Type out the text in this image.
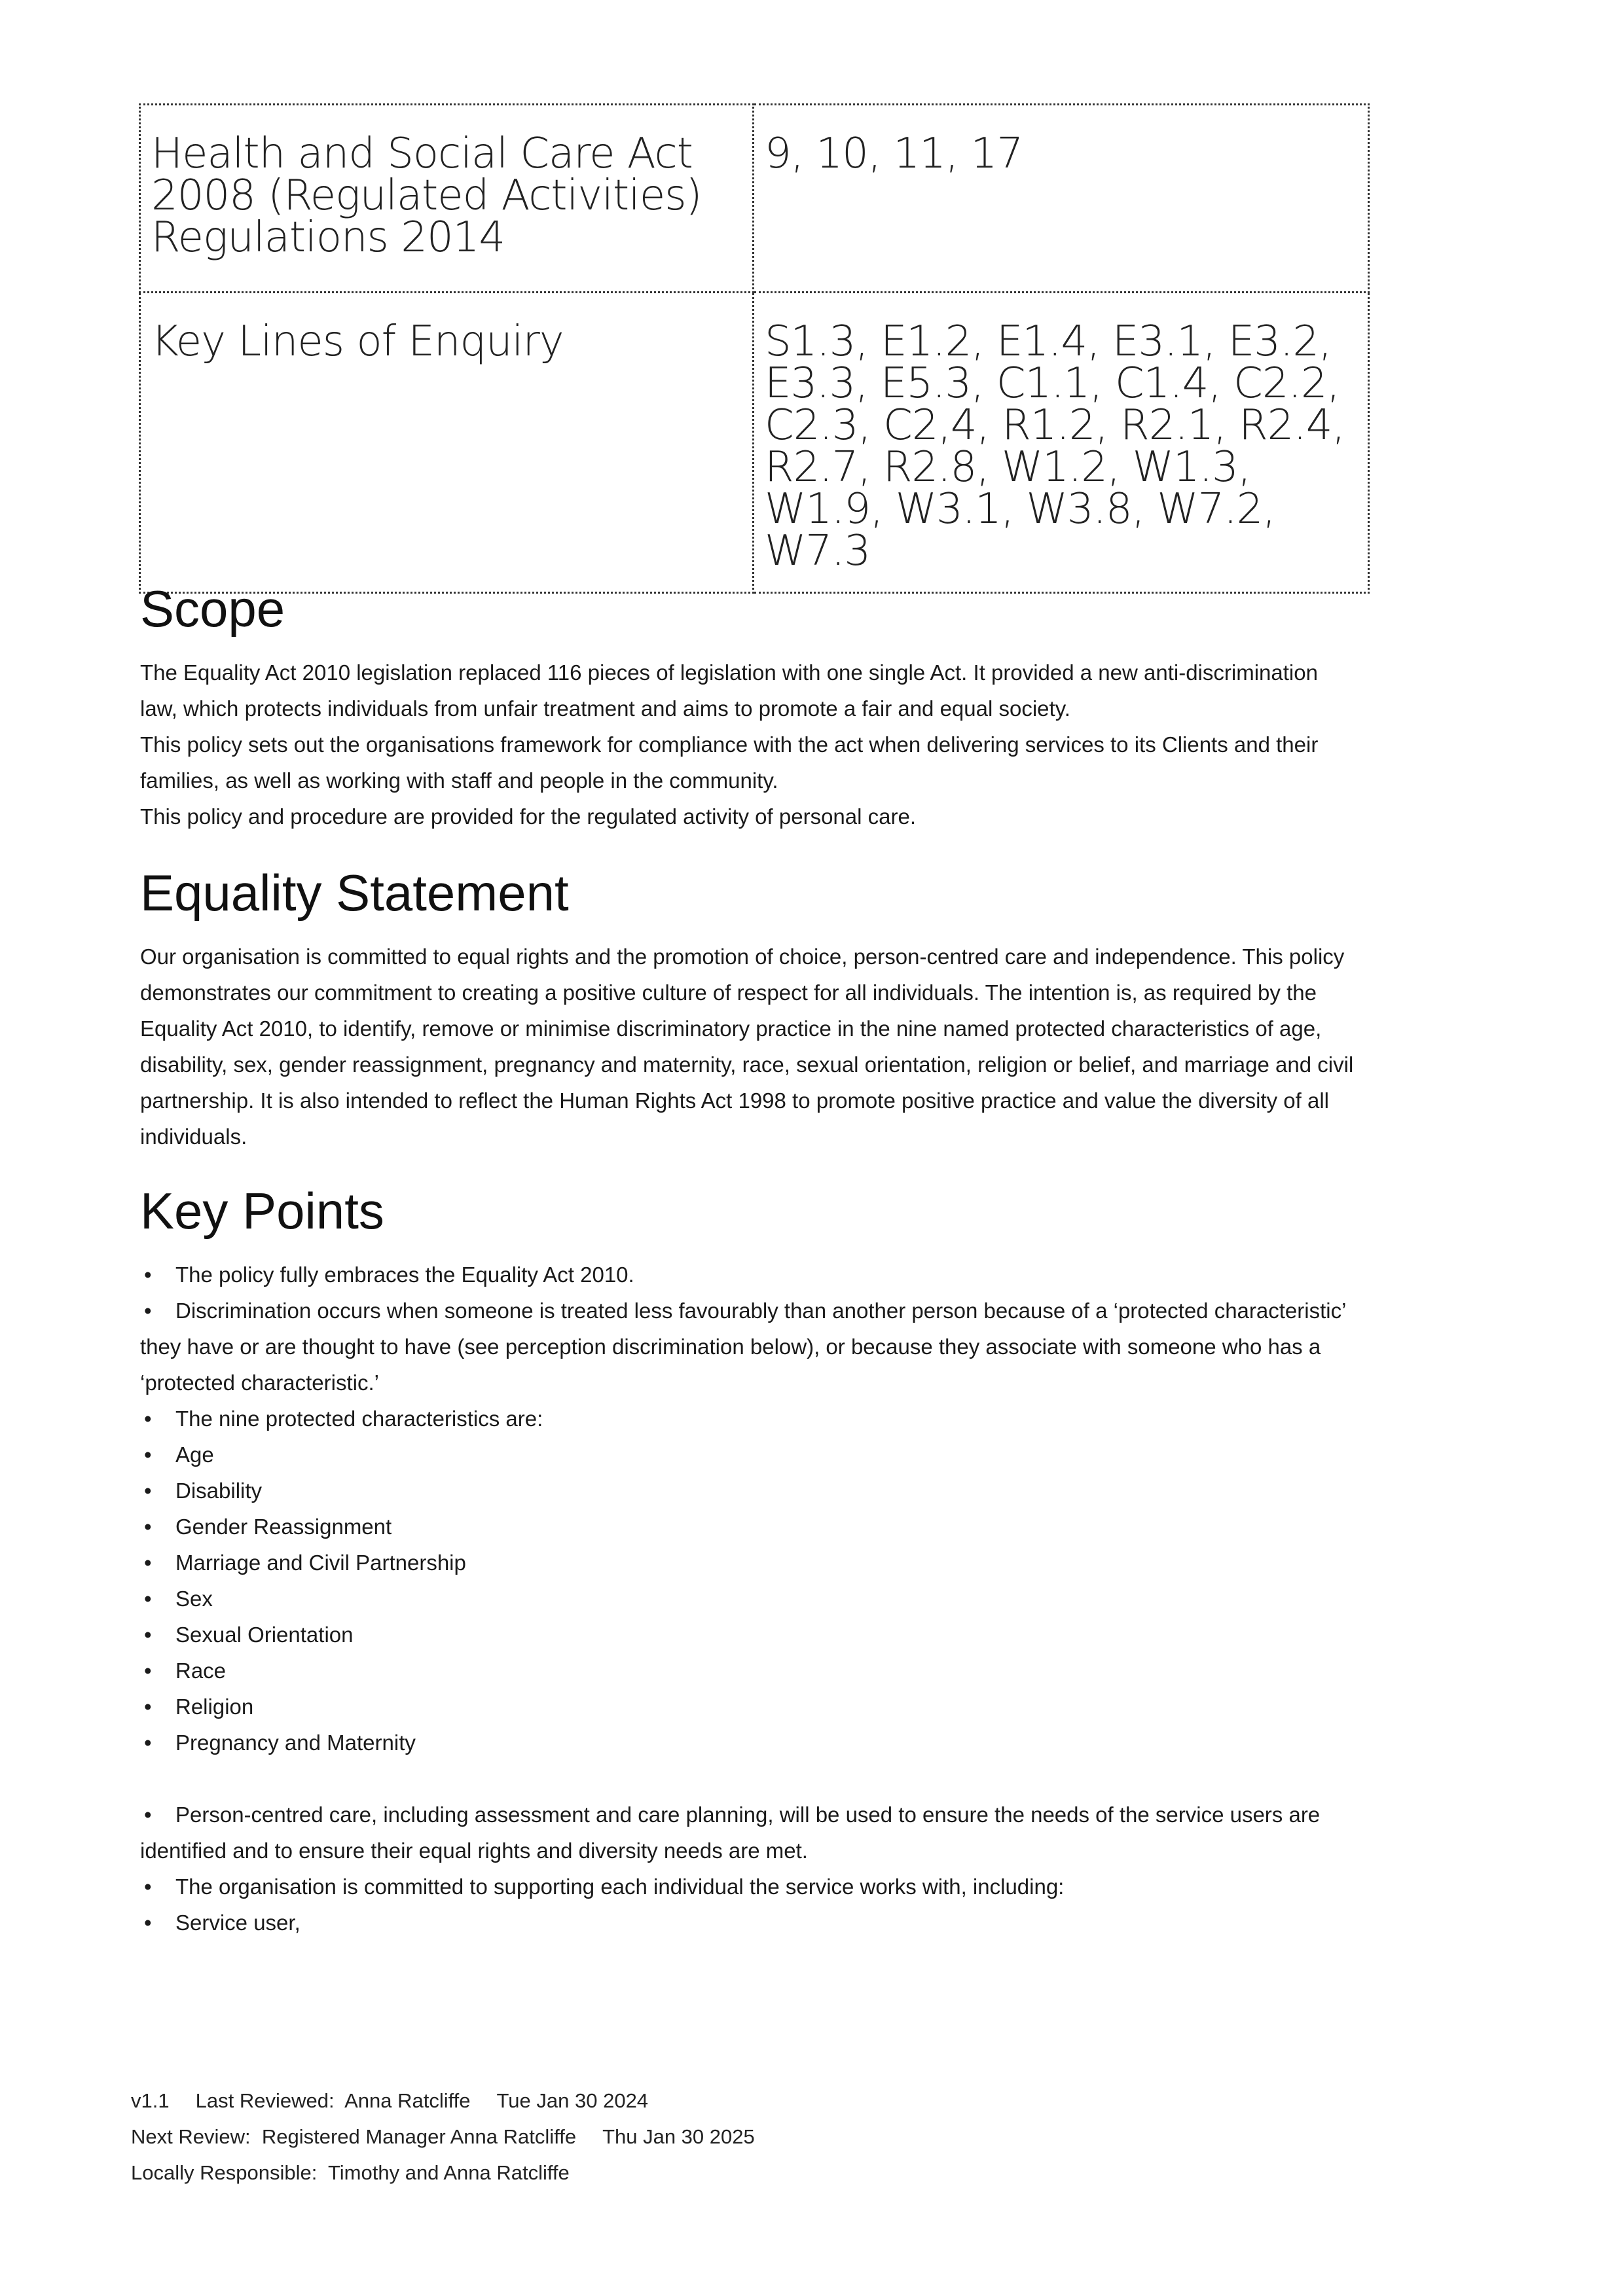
Health and Social Care Act 2008 (Regulated Activities) Regulations 2014	9, 10, 11, 17
Key Lines of Enquiry	S1.3, E1.2, E1.4, E3.1, E3.2, E3.3, E5.3, C1.1, C1.4, C2.2, C2.3, C2,4, R1.2, R2.1, R2.4, R2.7, R2.8, W1.2, W1.3, W1.9, W3.1, W3.8, W7.2, W7.3
Scope

The Equality Act 2010 legislation replaced 116 pieces of legislation with one single Act. It provided a new anti-discrimination law, which protects individuals from unfair treatment and aims to promote a fair and equal society.

This policy sets out the organisations framework for compliance with the act when delivering services to its Clients and their families, as well as working with staff and people in the community.

This policy and procedure are provided for the regulated activity of personal care.

Equality Statement

Our organisation is committed to equal rights and the promotion of choice, person-centred care and independence. This policy demonstrates our commitment to creating a positive culture of respect for all individuals. The intention is, as required by the Equality Act 2010, to identify, remove or minimise discriminatory practice in the nine named protected characteristics of age, disability, sex, gender reassignment, pregnancy and maternity, race, sexual orientation, religion or belief, and marriage and civil partnership. It is also intended to reflect the Human Rights Act 1998 to promote positive practice and value the diversity of all individuals.

Key Points
• The policy fully embraces the Equality Act 2010.
• Discrimination occurs when someone is treated less favourably than another person because of a ‘protected characteristic’ they have or are thought to have (see perception discrimination below), or because they associate with someone who has a ‘protected characteristic.’
• The nine protected characteristics are:
• Age
• Disability
• Gender Reassignment
• Marriage and Civil Partnership
• Sex
• Sexual Orientation
• Race
• Religion
• Pregnancy and Maternity
• Person-centred care, including assessment and care planning, will be used to ensure the needs of the service users are identified and to ensure their equal rights and diversity needs are met.
• The organisation is committed to supporting each individual the service works with, including:
• Service user,
v1.1 Last Reviewed: Anna Ratcliffe Tue Jan 30 2024
Next Review: Registered Manager Anna Ratcliffe Thu Jan 30 2025
Locally Responsible: Timothy and Anna Ratcliffe
